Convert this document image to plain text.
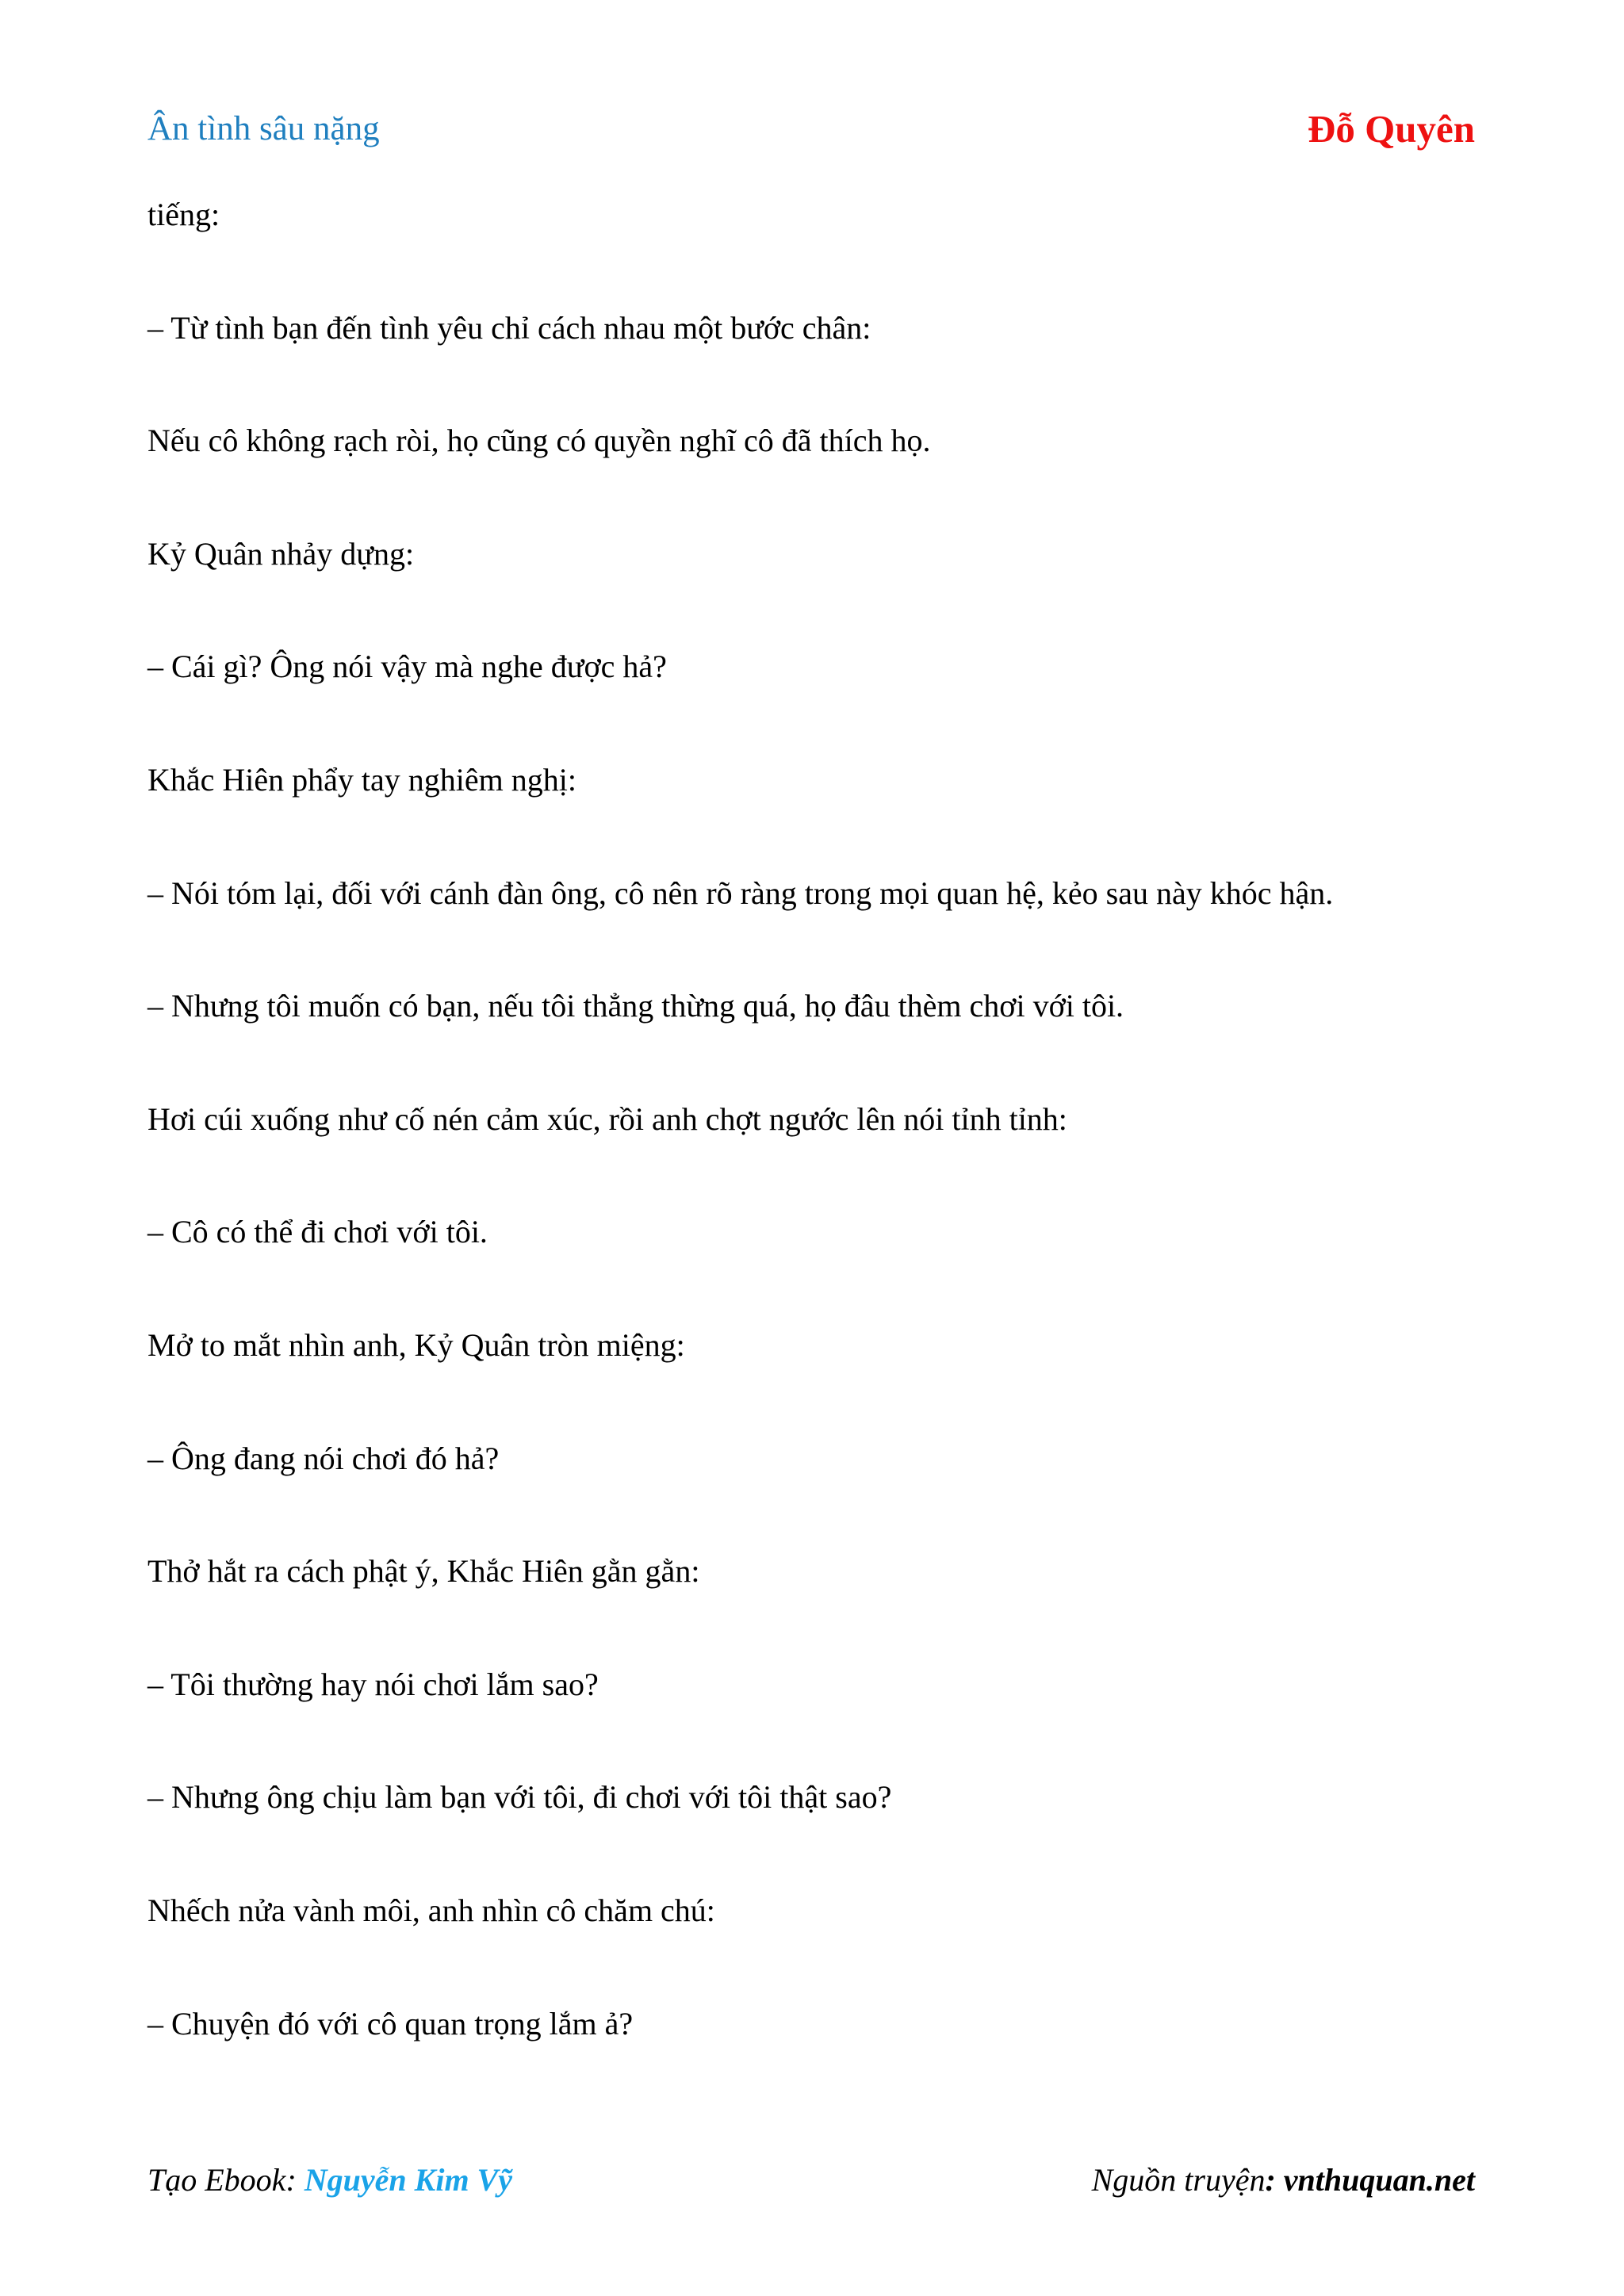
Ân tình sâu nặng	Đỗ Quyên

tiếng:

– Từ tình bạn đến tình yêu chỉ cách nhau một bước chân:

Nếu cô không rạch ròi, họ cũng có quyền nghĩ cô đã thích họ.

Kỷ Quân nhảy dựng:

– Cái gì? Ông nói vậy mà nghe được hả?

Khắc Hiên phẩy tay nghiêm nghị:

– Nói tóm lại, đối với cánh đàn ông, cô nên rõ ràng trong mọi quan hệ, kẻo sau này khóc hận.

– Nhưng tôi muốn có bạn, nếu tôi thẳng thừng quá, họ đâu thèm chơi với tôi.

Hơi cúi xuống như cố nén cảm xúc, rồi anh chợt ngước lên nói tỉnh tỉnh:

– Cô có thể đi chơi với tôi.

Mở to mắt nhìn anh, Kỷ Quân tròn miệng:

– Ông đang nói chơi đó hả?

Thở hắt ra cách phật ý, Khắc Hiên gằn gằn:

– Tôi thường hay nói chơi lắm sao?

– Nhưng ông chịu làm bạn với tôi, đi chơi với tôi thật sao?

Nhếch nửa vành môi, anh nhìn cô chăm chú:

– Chuyện đó với cô quan trọng lắm ả?

Tạo Ebook: Nguyễn Kim Vỹ	Nguồn truyện: vnthuquan.net
